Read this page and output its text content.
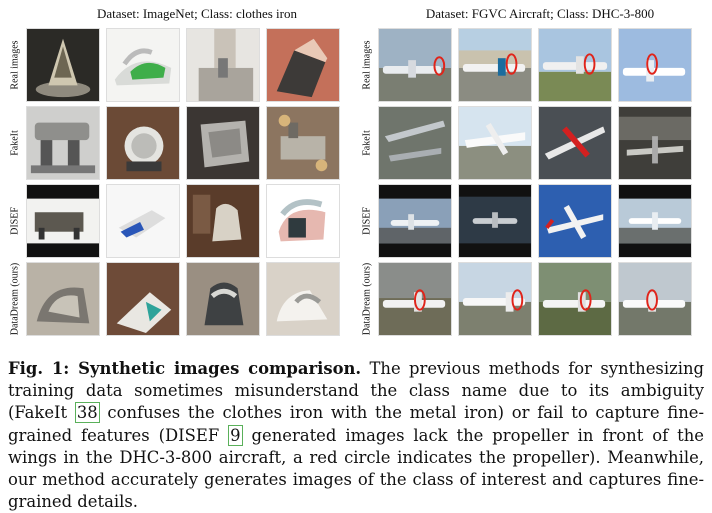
Dataset: ImageNet; Class: clothes iron	Dataset: FGVC Aircraft; Class: DHC-3-800
Real images
FakeIt
DISEF
DataDream (ours)
Real images
FakeIt
DISEF
DataDream (ours)
Fig. 1: Synthetic images comparison. The previous methods for synthesizing training data sometimes misunderstand the class name due to its ambiguity (FakeIt 38 confuses the clothes iron with the metal iron) or fail to capture fine-grained features (DISEF 9 generated images lack the propeller in front of the wings in the DHC-3-800 aircraft, a red circle indicates the propeller). Meanwhile, our method accurately generates images of the class of interest and captures fine-grained details.
